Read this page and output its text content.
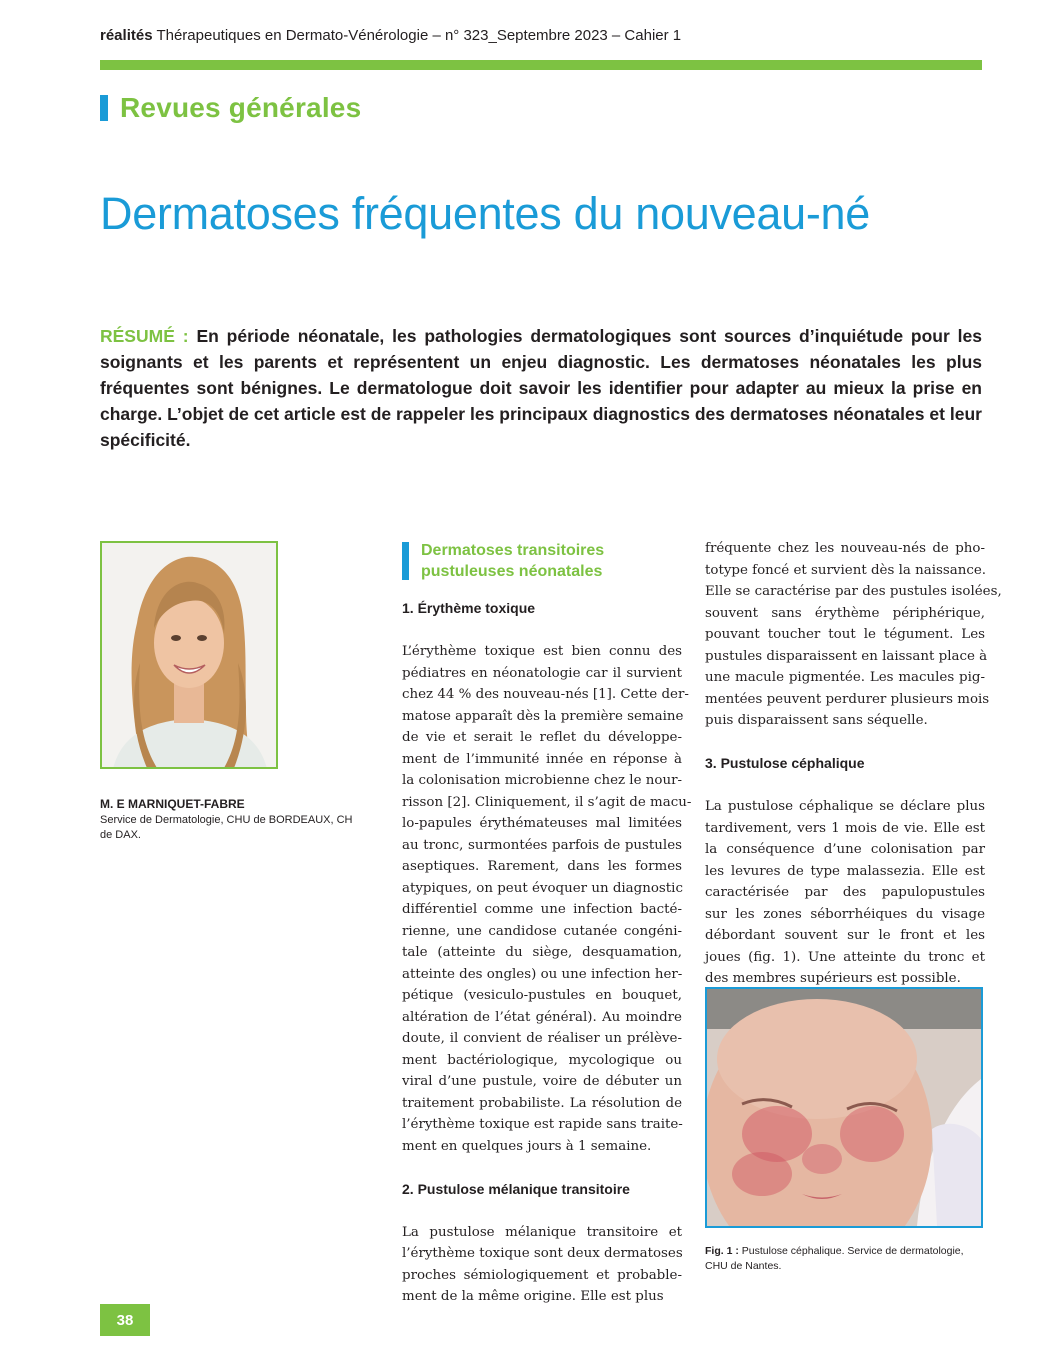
réalités Thérapeutiques en Dermato-Vénérologie – n° 323_Septembre 2023 – Cahier 1
Revues générales
Dermatoses fréquentes du nouveau-né

RÉSUMÉ : En période néonatale, les pathologies dermatologiques sont sources d’inquiétude pour les soignants et les parents et représentent un enjeu diagnostic. Les dermatoses néonatales les plus fréquentes sont bénignes. Le dermatologue doit savoir les identifier pour adapter au mieux la prise en charge. L’objet de cet article est de rappeler les principaux diagnostics des dermatoses néonatales et leur spécificité.

M. E MARNIQUET-FABRE
Service de Dermatologie, CHU de BORDEAUX, CH de DAX.
Dermatoses transitoires
pustuleuses néonatales
1. Érythème toxique
L’érythème toxique est bien connu des
pédiatres en néonatologie car il survient
chez 44 % des nouveau-nés [1]. Cette der-
matose apparaît dès la première semaine
de vie et serait le reflet du développe-
ment de l’immunité innée en réponse à
la colonisation microbienne chez le nour-
risson [2]. Cliniquement, il s’agit de macu-
lo-papules érythémateuses mal limitées
au tronc, surmontées parfois de pustules
aseptiques. Rarement, dans les formes
atypiques, on peut évoquer un diagnostic
différentiel comme une infection bacté-
rienne, une candidose cutanée congéni-
tale (atteinte du siège, desquamation,
atteinte des ongles) ou une infection her-
pétique (vesiculo-pustules en bouquet,
altération de l’état général). Au moindre
doute, il convient de réaliser un prélève-
ment bactériologique, mycologique ou
viral d’une pustule, voire de débuter un
traitement probabiliste. La résolution de
l’érythème toxique est rapide sans traite-
ment en quelques jours à 1 semaine.
2. Pustulose mélanique transitoire
La pustulose mélanique transitoire et
l’érythème toxique sont deux dermatoses
proches sémiologiquement et probable-
ment de la même origine. Elle est plus
fréquente chez les nouveau-nés de pho-
totype foncé et survient dès la naissance.
Elle se caractérise par des pustules isolées,
souvent sans érythème périphérique,
pouvant toucher tout le tégument. Les
pustules disparaissent en laissant place à
une macule pigmentée. Les macules pig-
mentées peuvent perdurer plusieurs mois
puis disparaissent sans séquelle.
3. Pustulose céphalique
La pustulose céphalique se déclare plus
tardivement, vers 1 mois de vie. Elle est
la conséquence d’une colonisation par
les levures de type malassezia. Elle est
caractérisée par des papulopustules
sur les zones séborrhéiques du visage
débordant souvent sur le front et les
joues (fig. 1). Une atteinte du tronc et
des membres supérieurs est possible.
Fig. 1 : Pustulose céphalique. Service de dermatologie, CHU de Nantes.
38
